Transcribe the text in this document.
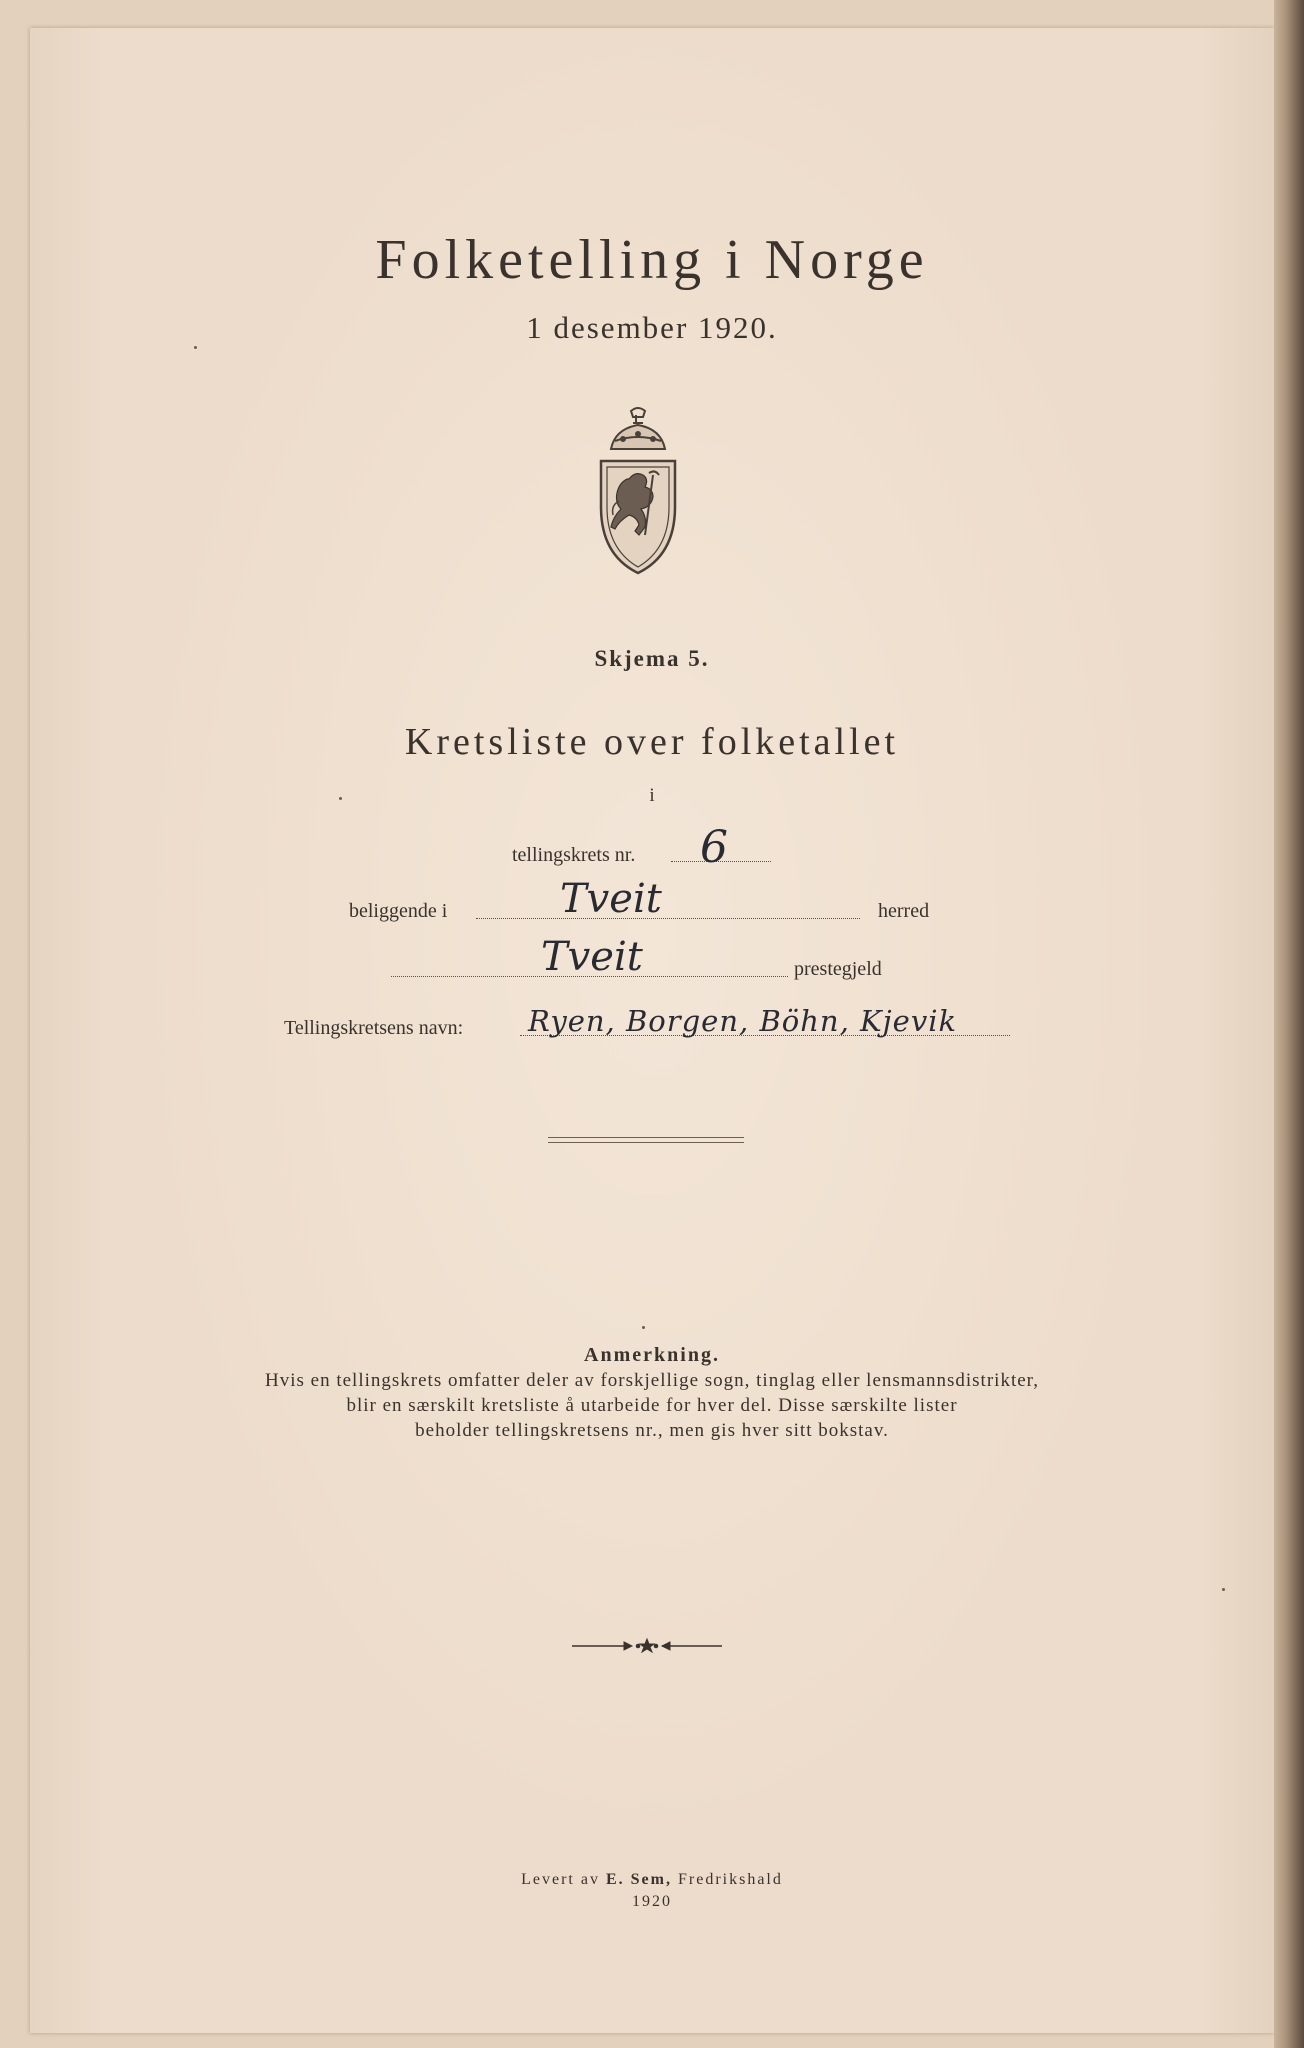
Folketelling i Norge
1 desember 1920.
Skjema 5.
Kretsliste over folketallet
i
tellingskrets nr. 6
beliggende i	Tveit	herred
Tveit	prestegjeld
Tellingskretsens navn: Ryen, Borgen, Böhn, Kjevik
Anmerkning.
Hvis en tellingskrets omfatter deler av forskjellige sogn, tinglag eller lensmannsdistrikter,
blir en særskilt kretsliste å utarbeide for hver del. Disse særskilte lister
beholder tellingskretsens nr., men gis hver sitt bokstav.
Levert av E. Sem, Fredrikshald
1920
